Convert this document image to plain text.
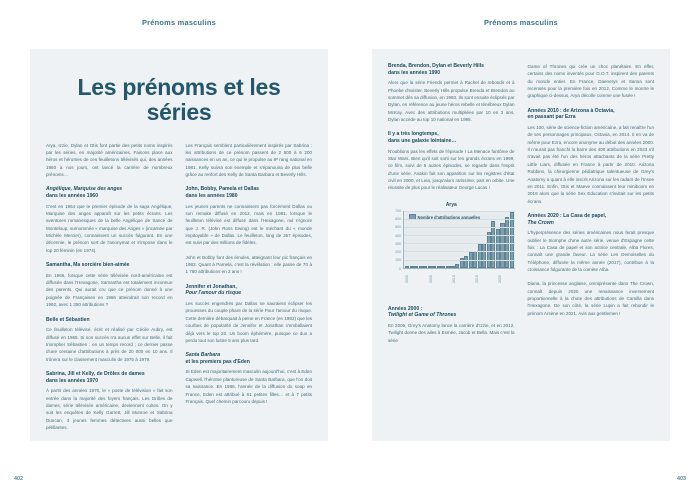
Prénoms masculins
Les prénoms et les séries

Arya, Izzie, Dylan et Otis font partie des petits noms inspirés par les séries, en majorité américaines. Faisons place aux héros et héroïnes de ces feuilletons télévisés qui, des années 1960 à nos jours, ont lancé la carrière de nombreux prénoms…

Angélique, Marquise des anges
dans les années 1960

C'est en 1964 que le premier épisode de la saga Angélique, Marquise des anges apparaît sur les petits écrans. Les aventures romanesques de la belle Angélique de Sancé de Monteloup, surnommée « marquise des Anges » (incarnée par Michèle Mercier), connaissent un succès fulgurant. En une décennie, le prénom sort de l'anonymat et s'impose dans le top 20 féminin (en 1974).

Samantha, Ma sorcière bien-aimée

En 1966, lorsque cette série télévisée nord-américaine est diffusée dans l'Hexagone, Samantha est totalement inconnue des parents. Qui aurait cru que ce prénom donné à une poignée de Françaises en 1966 atteindrait son record en 1992, avec 1 350 attributions ?

Belle et Sébastien

Ce feuilleton télévisé, écrit et réalisé par Cécile Aubry, est diffusé en 1965. Si son succès n'a aucun effet sur Belle, il fait triompher Sébastien : en un temps record ; ce dernier passe d'une centaine d'attributions à près de 20 000 en 10 ans. Il trônera sur le classement masculin de 1975 à 1979.

Sabrina, Jill et Kelly, de Drôles de dames
dans les années 1970

À partir des années 1970, le « poste de télévision » fait son entrée dans la majorité des foyers français. Les Drôles de dames, série télévisée américaine, deviennent cultes. On y suit les enquêtes de Kelly Garrett, Jill Munroe et Sabrina Duncan, 3 jeunes femmes détectives aussi belles que pétillantes.

Les Français semblent particulièrement inspirés par Sabrina : les attributions de ce prénom passent de 2 500 à 6 200 naissances en un an, ce qui le propulse au 8ᵉ rang national en 1981. Kelly suivra son exemple et s'épanouira de plus belle grâce au renfort des Kelly de Santa Barbara et Beverly Hills.

John, Bobby, Pamela et Dallas
dans les années 1980

Les jeunes parents ne connaissent pas forcément Dallas ou son remake diffusé en 2012, mais en 1981, lorsque le feuilleton télévisé est diffusé dans l'Hexagone, nul n'ignore que J. R. (John Ross Ewing) est le méchant du « monde impitoyable » de Dallas. Le feuilleton, long de 357 épisodes, est suivi par des millions de fidèles.

John et Bobby font des émules, atteignant leur pic français en 1982. Quant à Pamela, c'est la révélation : elle passe de 70 à 1 780 attributions en 2 ans !

Jennifer et Jonathan,
Pour l'amour du risque

Les succès engendrés par Dallas ne sauraient éclipser les prouesses du couple phare de la série Pour l'amour du risque. Cette dernière débarquait à peine en France (en 1982) que les courbes de popularité de Jennifer et Jonathan s'emballaient déjà vers le top 20. Un boom éphémère, puisque ce duo a perdu tout son lustre 5 ans plus tard.

Santa Barbara
et les premiers pas d'Eden

Si Eden est majoritairement masculin aujourd'hui, c'est à Eden Capwell, l'héroïne plantureuse de Santa Barbara, que l'on doit sa naissance. En 1986, l'année de la diffusion du soap en France, Eden est attribué à 61 petites filles… et à 7 petits Français. Quel chemin parcouru depuis !

402
Prénoms masculins
Brenda, Brendon, Dylan et Beverly Hills
dans les années 1990

Alors que la série Friends permet à Rachel de rebondir et à Phoebe d'exister, Beverly Hills propulse Brenda et Brendon au sommet dès sa diffusion, en 1993. Ils sont ensuite éclipsés par Dylan, en référence au jeune héros rebelle et ténébreux Dylan McKay. Avec des attributions multipliées par 10 en 3 ans, Dylan accède au top 10 national en 1995.

Il y a très longtemps,
dans une galaxie lointaine…

N'oublions pas les effets de l'épisode I La Menace fantôme de Star Wars. Bien qu'il soit sorti sur les grands écrans en 1999, ce film, suivi de 5 autres épisodes, se regarde dans l'esprit d'une série. Anakin fait son apparition sur les registres d'état civil en 2000, et Leia, jusqu'alors rarissime, part en orbite. Une réussite de plus pour le réalisateur George Lucas !

Arya
0
100
200
300
400
500
600
700
Nombre d'attributions annuelles
2000	2005	2010	2015	2020
Années 2000 :
Twilight et Game of Thrones

En 2006, Grey's Anatomy lance la carrière d'Izzie, et en 2012, Twilight donne des ailes à Esmée, Jacob et Bella. Mais c'est la série

Game of Thrones qui crée un choc planétaire. En effet, certains des noms inventés pour G.O.T. inspirent des parents du monde entier. En France, Daenerys et Sansa sont recensés pour la première fois en 2012. Comme le montre le graphique ci-dessus, Arya décolle comme une fusée !

Années 2010 : de Arizona à Octavia,
en passant par Ezra

Les 100, série de science-fiction américaine, a fait renaître l'un de ses personnages principaux, Octavia, en 2014. Il en va de même pour Ezra, encore anonyme au début des années 2000. Il n'aurait pas franchi la barre des 400 attributions en 2023 s'il n'avait pas été l'un des héros attachants de la série Pretty Little Liars, diffusée en France à partir de 2010. Arizona Robbins, la chirurgienne pédiatrique talentueuse de Grey's Anatomy a quant à elle inscrit Arizona sur les radars de l'Insee en 2011. Enfin, Otis et Maeve connaissent leur miniboom en 2019 alors que la série Sex Education s'invitait sur les petits écrans.

Années 2020 : La Casa de papel,
The Crown

L'hyperprésence des séries américaines nous ferait presque oublier le triomphe d'une autre série, venue d'Espagne cette fois : La Casa de papel et son actrice centrale, Alba Flores, connaît une grande faveur. La série Les Demoiselles du Téléphone, diffusée la même année (2017), contribue à la croissance fulgurante de la comète Alba.

Diana, la princesse anglaise, omniprésente dans The Crown, connaît depuis 2020 une renaissance inversement proportionnelle à la chute des attributions de Camilla dans l'Hexagone. De son côté, la série Lupin a fait rebondir le prénom Arsène en 2021. Avis aux gentlemen !

403
